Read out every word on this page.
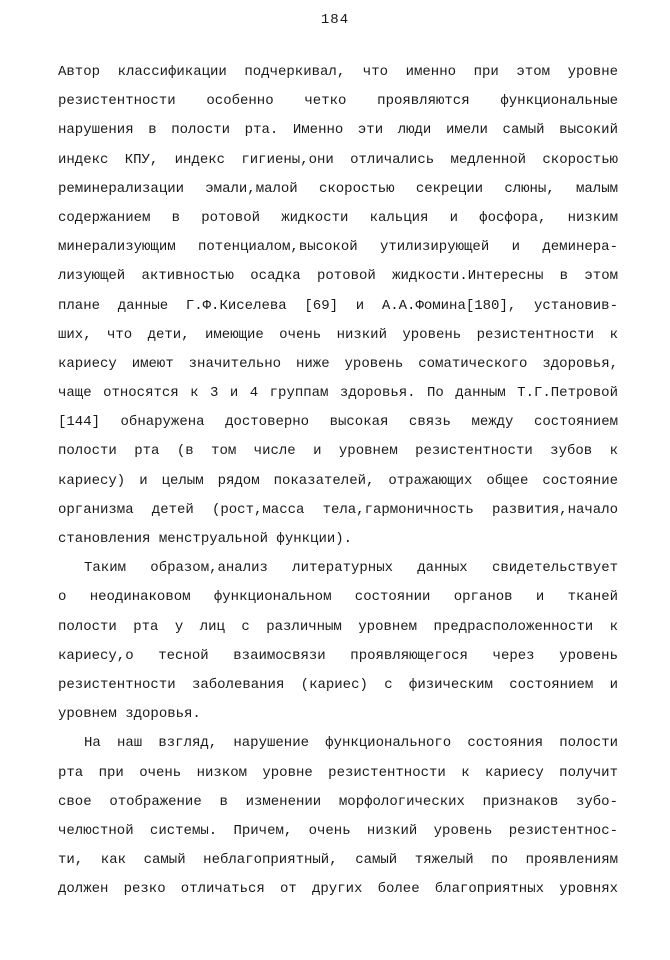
184
Автор классификации подчеркивал, что именно при этом уровне
резистентности особенно четко проявляются функциональные
нарушения в полости рта. Именно эти люди имели самый высокий
индекс КПУ, индекс гигиены,они отличались медленной скоростью
реминерализации эмали,малой скоростью секреции слюны, малым
содержанием в ротовой жидкости кальция и фосфора, низким
минерализующим потенциалом,высокой утилизирующей и деминера-
лизующей активностью осадка ротовой жидкости.Интересны в этом
плане данные Г.Ф.Киселева [69] и А.А.Фомина[180], установив-
ших, что дети, имеющие очень низкий уровень резистентности к
кариесу имеют значительно ниже уровень соматического здоровья,
чаще относятся к 3 и 4 группам здоровья. По данным Т.Г.Петровой
[144] обнаружена достоверно высокая связь между состоянием
полости рта (в том числе и уровнем резистентности зубов к
кариесу) и целым рядом показателей, отражающих общее состояние
организма детей (рост,масса тела,гармоничность развития,начало
становления менструальной функции).
Таким образом,анализ литературных данных свидетельствует
о неодинаковом функциональном состоянии органов и тканей
полости рта у лиц с различным уровнем предрасположенности к
кариесу,о тесной взаимосвязи проявляющегося через уровень
резистентности заболевания (кариес) с физическим состоянием и
уровнем здоровья.
На наш взгляд, нарушение функционального состояния полости
рта при очень низком уровне резистентности к кариесу получит
свое отображение в изменении морфологических признаков зубо-
челюстной системы. Причем, очень низкий уровень резистентнос-
ти, как самый неблагоприятный, самый тяжелый по проявлениям
должен резко отличаться от других более благоприятных уровнях
